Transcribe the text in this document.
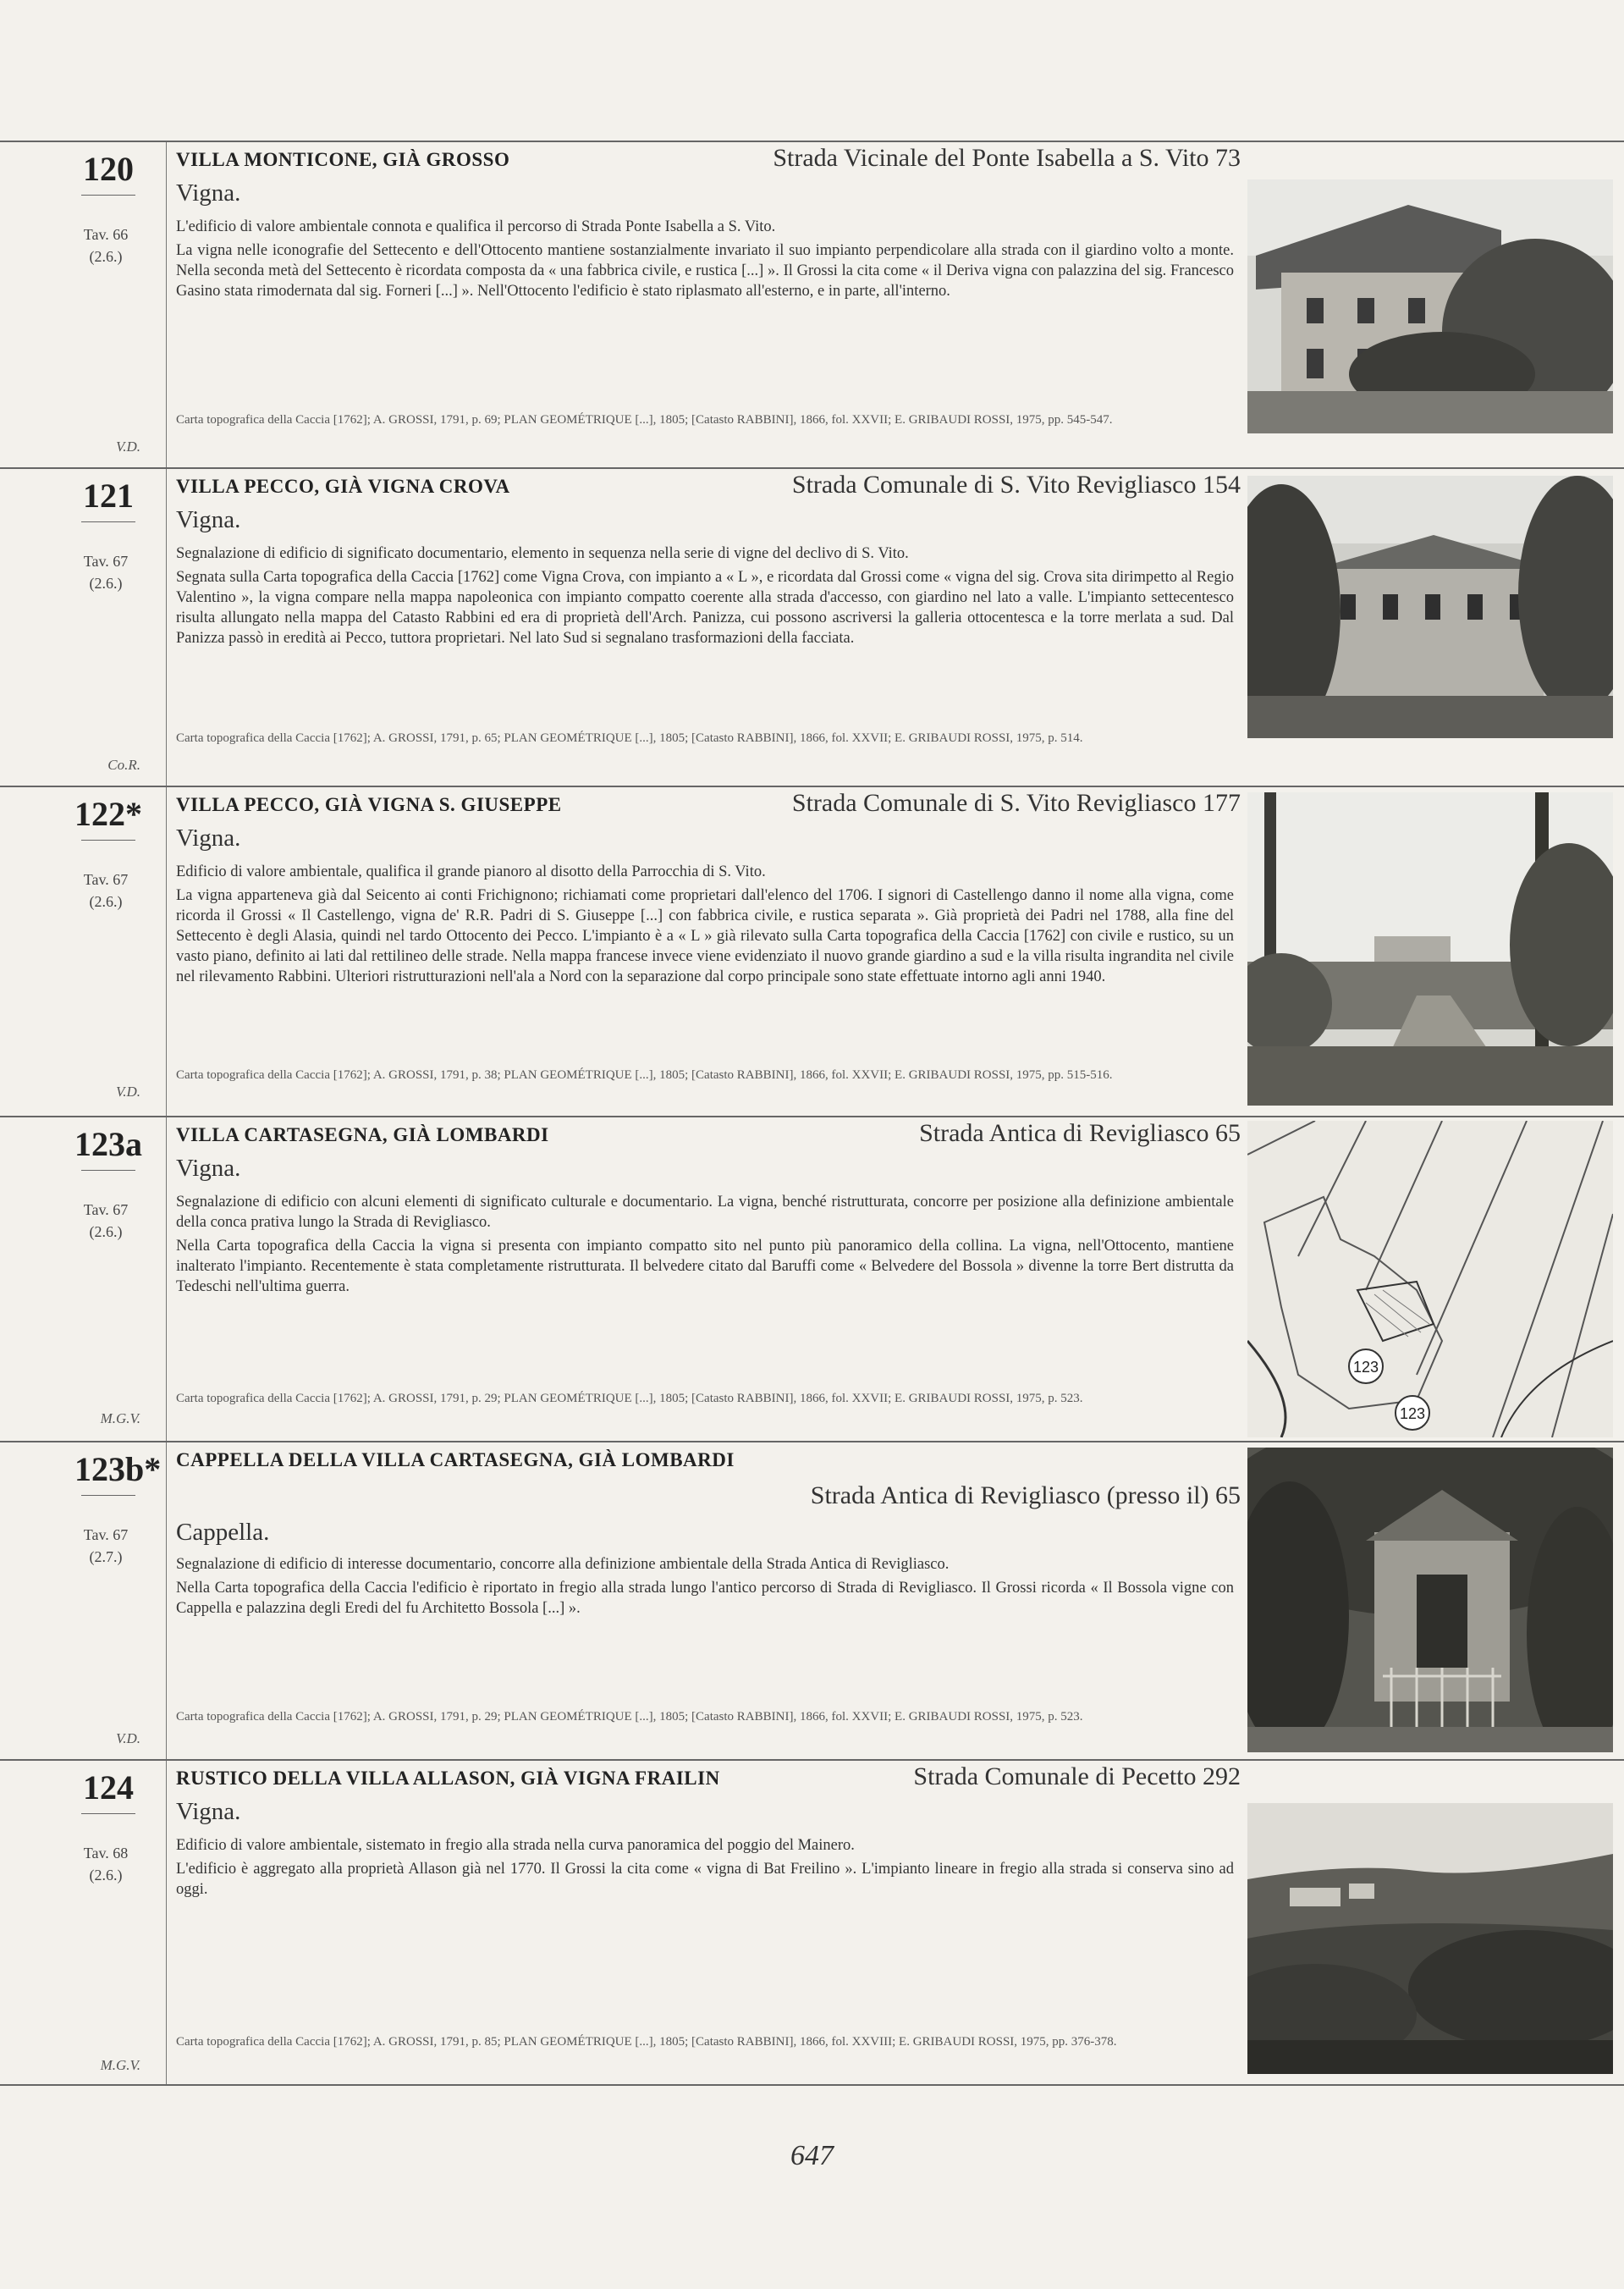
120
Tav. 66
(2.6.)
V.D.
VILLA MONTICONE, GIÀ GROSSO	Strada Vicinale del Ponte Isabella a S. Vito 73
Vigna.

L'edificio di valore ambientale connota e qualifica il percorso di Strada Ponte Isabella a S. Vito.

La vigna nelle iconografie del Settecento e dell'Ottocento mantiene sostanzialmente invariato il suo impianto perpendicolare alla strada con il giardino volto a monte. Nella seconda metà del Settecento è ricordata composta da « una fabbrica civile, e rustica [...] ». Il Grossi la cita come « il Deriva vigna con palazzina del sig. Francesco Gasino stata rimodernata dal sig. Forneri [...] ». Nell'Ottocento l'edificio è stato riplasmato all'esterno, e in parte, all'interno.

Carta topografica della Caccia [1762]; A. GROSSI, 1791, p. 69; PLAN GEOMÉTRIQUE [...], 1805; [Catasto RABBINI], 1866, fol. XXVII; E. GRIBAUDI ROSSI, 1975, pp. 545-547.
121
Tav. 67
(2.6.)
Co.R.
VILLA PECCO, GIÀ VIGNA CROVA	Strada Comunale di S. Vito Revigliasco 154
Vigna.

Segnalazione di edificio di significato documentario, elemento in sequenza nella serie di vigne del declivo di S. Vito.

Segnata sulla Carta topografica della Caccia [1762] come Vigna Crova, con impianto a « L », e ricordata dal Grossi come « vigna del sig. Crova sita dirimpetto al Regio Valentino », la vigna compare nella mappa napoleonica con impianto compatto coerente alla strada d'accesso, con giardino nel lato a valle. L'impianto settecentesco risulta allungato nella mappa del Catasto Rabbini ed era di proprietà dell'Arch. Panizza, cui possono ascriversi la galleria ottocentesca e la torre merlata a sud. Dal Panizza passò in eredità ai Pecco, tuttora proprietari. Nel lato Sud si segnalano trasformazioni della facciata.

Carta topografica della Caccia [1762]; A. GROSSI, 1791, p. 65; PLAN GEOMÉTRIQUE [...], 1805; [Catasto RABBINI], 1866, fol. XXVII; E. GRIBAUDI ROSSI, 1975, p. 514.
122*
Tav. 67
(2.6.)
V.D.
VILLA PECCO, GIÀ VIGNA S. GIUSEPPE	Strada Comunale di S. Vito Revigliasco 177
Vigna.

Edificio di valore ambientale, qualifica il grande pianoro al disotto della Parrocchia di S. Vito.

La vigna apparteneva già dal Seicento ai conti Frichignono; richiamati come proprietari dall'elenco del 1706. I signori di Castellengo danno il nome alla vigna, come ricorda il Grossi « Il Castellengo, vigna de' R.R. Padri di S. Giuseppe [...] con fabbrica civile, e rustica separata ». Già proprietà dei Padri nel 1788, alla fine del Settecento è degli Alasia, quindi nel tardo Ottocento dei Pecco. L'impianto è a « L » già rilevato sulla Carta topografica della Caccia [1762] con civile e rustico, su un vasto piano, definito ai lati dal rettilineo delle strade. Nella mappa francese invece viene evidenziato il nuovo grande giardino a sud e la villa risulta ingrandita nel civile nel rilevamento Rabbini. Ulteriori ristrutturazioni nell'ala a Nord con la separazione dal corpo principale sono state effettuate intorno agli anni 1940.

Carta topografica della Caccia [1762]; A. GROSSI, 1791, p. 38; PLAN GEOMÉTRIQUE [...], 1805; [Catasto RABBINI], 1866, fol. XXVII; E. GRIBAUDI ROSSI, 1975, pp. 515-516.
123a
Tav. 67
(2.6.)
M.G.V.
VILLA CARTASEGNA, GIÀ LOMBARDI	Strada Antica di Revigliasco 65
Vigna.

Segnalazione di edificio con alcuni elementi di significato culturale e documentario. La vigna, benché ristrutturata, concorre per posizione alla definizione ambientale della conca prativa lungo la Strada di Revigliasco.

Nella Carta topografica della Caccia la vigna si presenta con impianto compatto sito nel punto più panoramico della collina. La vigna, nell'Ottocento, mantiene inalterato l'impianto. Recentemente è stata completamente ristrutturata. Il belvedere citato dal Baruffi come « Belvedere del Bossola » divenne la torre Bert distrutta da Tedeschi nell'ultima guerra.

Carta topografica della Caccia [1762]; A. GROSSI, 1791, p. 29; PLAN GEOMÉTRIQUE [...], 1805; [Catasto RABBINI], 1866, fol. XXVII; E. GRIBAUDI ROSSI, 1975, p. 523.
123
123
123b*
Tav. 67
(2.7.)
V.D.
CAPPELLA DELLA VILLA CARTASEGNA, GIÀ LOMBARDI
Strada Antica di Revigliasco (presso il) 65
Cappella.

Segnalazione di edificio di interesse documentario, concorre alla definizione ambientale della Strada Antica di Revigliasco.

Nella Carta topografica della Caccia l'edificio è riportato in fregio alla strada lungo l'antico percorso di Strada di Revigliasco. Il Grossi ricorda « Il Bossola vigne con Cappella e palazzina degli Eredi del fu Architetto Bossola [...] ».

Carta topografica della Caccia [1762]; A. GROSSI, 1791, p. 29; PLAN GEOMÉTRIQUE [...], 1805; [Catasto RABBINI], 1866, fol. XXVII; E. GRIBAUDI ROSSI, 1975, p. 523.
124
Tav. 68
(2.6.)
M.G.V.
RUSTICO DELLA VILLA ALLASON, GIÀ VIGNA FRAILIN	Strada Comunale di Pecetto 292
Vigna.

Edificio di valore ambientale, sistemato in fregio alla strada nella curva panoramica del poggio del Mainero.

L'edificio è aggregato alla proprietà Allason già nel 1770. Il Grossi la cita come « vigna di Bat Freilino ». L'impianto lineare in fregio alla strada si conserva sino ad oggi.

Carta topografica della Caccia [1762]; A. GROSSI, 1791, p. 85; PLAN GEOMÉTRIQUE [...], 1805; [Catasto RABBINI], 1866, fol. XXVIII; E. GRIBAUDI ROSSI, 1975, pp. 376-378.
647
